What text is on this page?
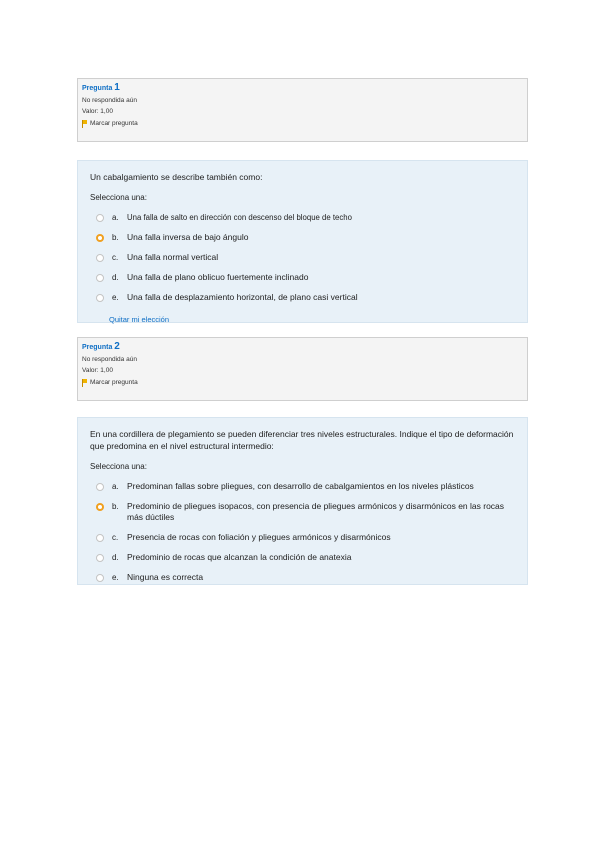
Pregunta 1
No respondida aún
Valor: 1,00
Marcar pregunta
Un cabalgamiento se describe también como:
Selecciona una:
a.	Una falla de salto en dirección con descenso del bloque de techo
b. Una falla inversa de bajo ángulo
c.	Una falla normal vertical
d. Una falla de plano oblicuo fuertemente inclinado
e. Una falla de desplazamiento horizontal, de plano casi vertical
Quitar mi elección
Pregunta 2
No respondida aún
Valor: 1,00
Marcar pregunta
En una cordillera de plegamiento se pueden diferenciar tres niveles estructurales. Indique el tipo de deformación que predomina en el nivel estructural intermedio:
Selecciona una:
a. Predominan fallas sobre pliegues, con desarrollo de cabalgamientos en los niveles plásticos
b. Predominio de pliegues isopacos, con presencia de pliegues armónicos y disarmónicos en las rocas más dúctiles
c.	Presencia de rocas con foliación y pliegues armónicos y disarmónicos
d. Predominio de rocas que alcanzan la condición de anatexia
e. Ninguna es correcta
